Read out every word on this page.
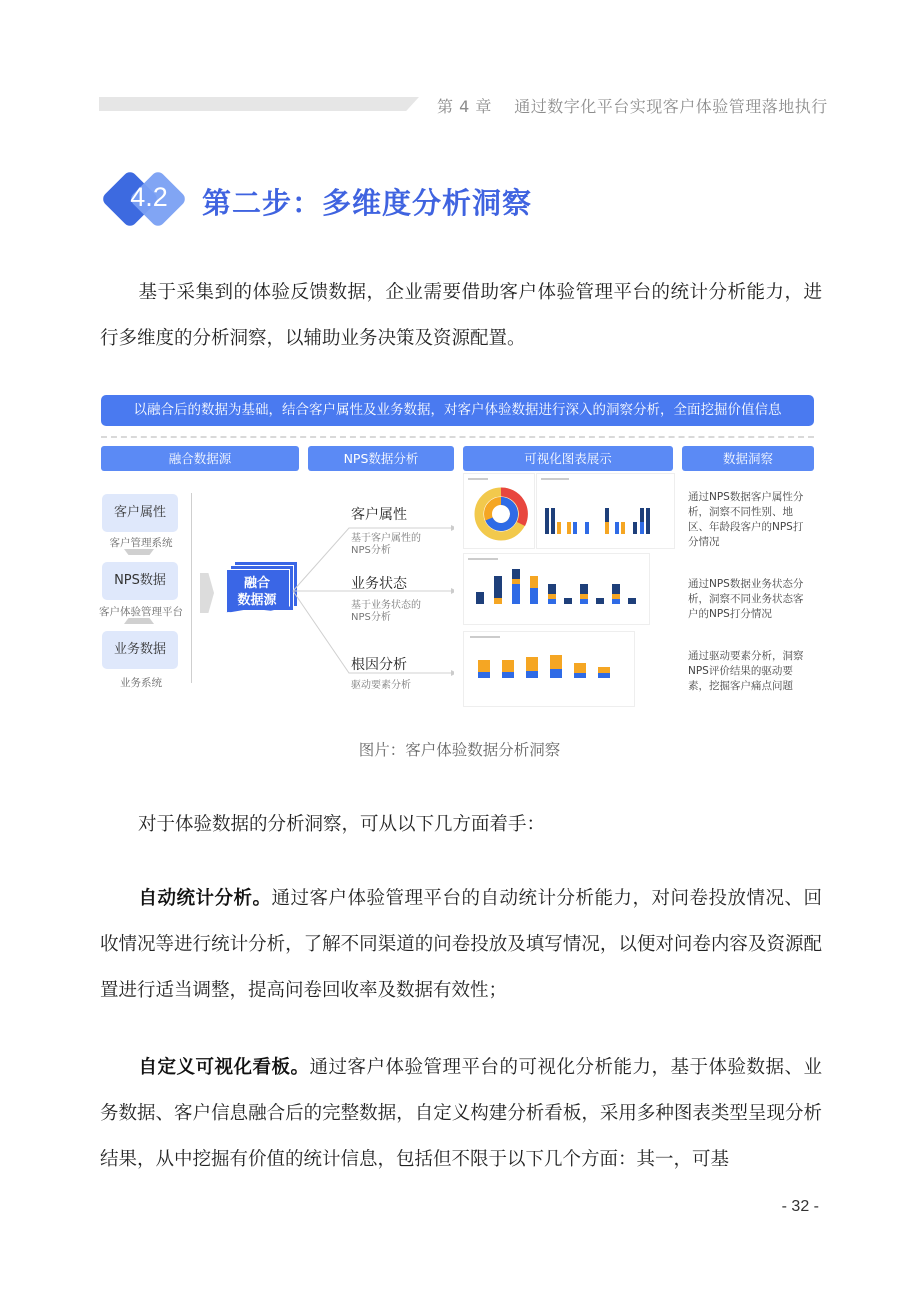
第 4 章 通过数字化平台实现客户体验管理落地执行
4.2	第二步：多维度分析洞察
基于采集到的体验反馈数据，企业需要借助客户体验管理平台的统计分析能力，进行多维度的分析洞察，以辅助业务决策及资源配置。
以融合后的数据为基础，结合客户属性及业务数据，对客户体验数据进行深入的洞察分析，全面挖掘价值信息
融合数据源	NPS数据分析	可视化图表展示	数据洞察
客户属性
客户管理系统
NPS数据
客户体验管理平台
业务数据
业务系统
融合
数据源
客户属性
基于客户属性的
NPS分析
业务状态
基于业务状态的
NPS分析
根因分析
驱动要素分析
通过NPS数据客户属性分析，洞察不同性别、地区、年龄段客户的NPS打分情况
通过NPS数据业务状态分析，洞察不同业务状态客户的NPS打分情况
通过驱动要素分析，洞察NPS评价结果的驱动要素，挖掘客户痛点问题
图片：客户体验数据分析洞察
对于体验数据的分析洞察，可从以下几方面着手：
自动统计分析。通过客户体验管理平台的自动统计分析能力，对问卷投放情况、回收情况等进行统计分析，了解不同渠道的问卷投放及填写情况，以便对问卷内容及资源配置进行适当调整，提高问卷回收率及数据有效性；
自定义可视化看板。通过客户体验管理平台的可视化分析能力，基于体验数据、业务数据、客户信息融合后的完整数据，自定义构建分析看板，采用多种图表类型呈现分析结果，从中挖掘有价值的统计信息，包括但不限于以下几个方面：其一，可基
- 32 -
